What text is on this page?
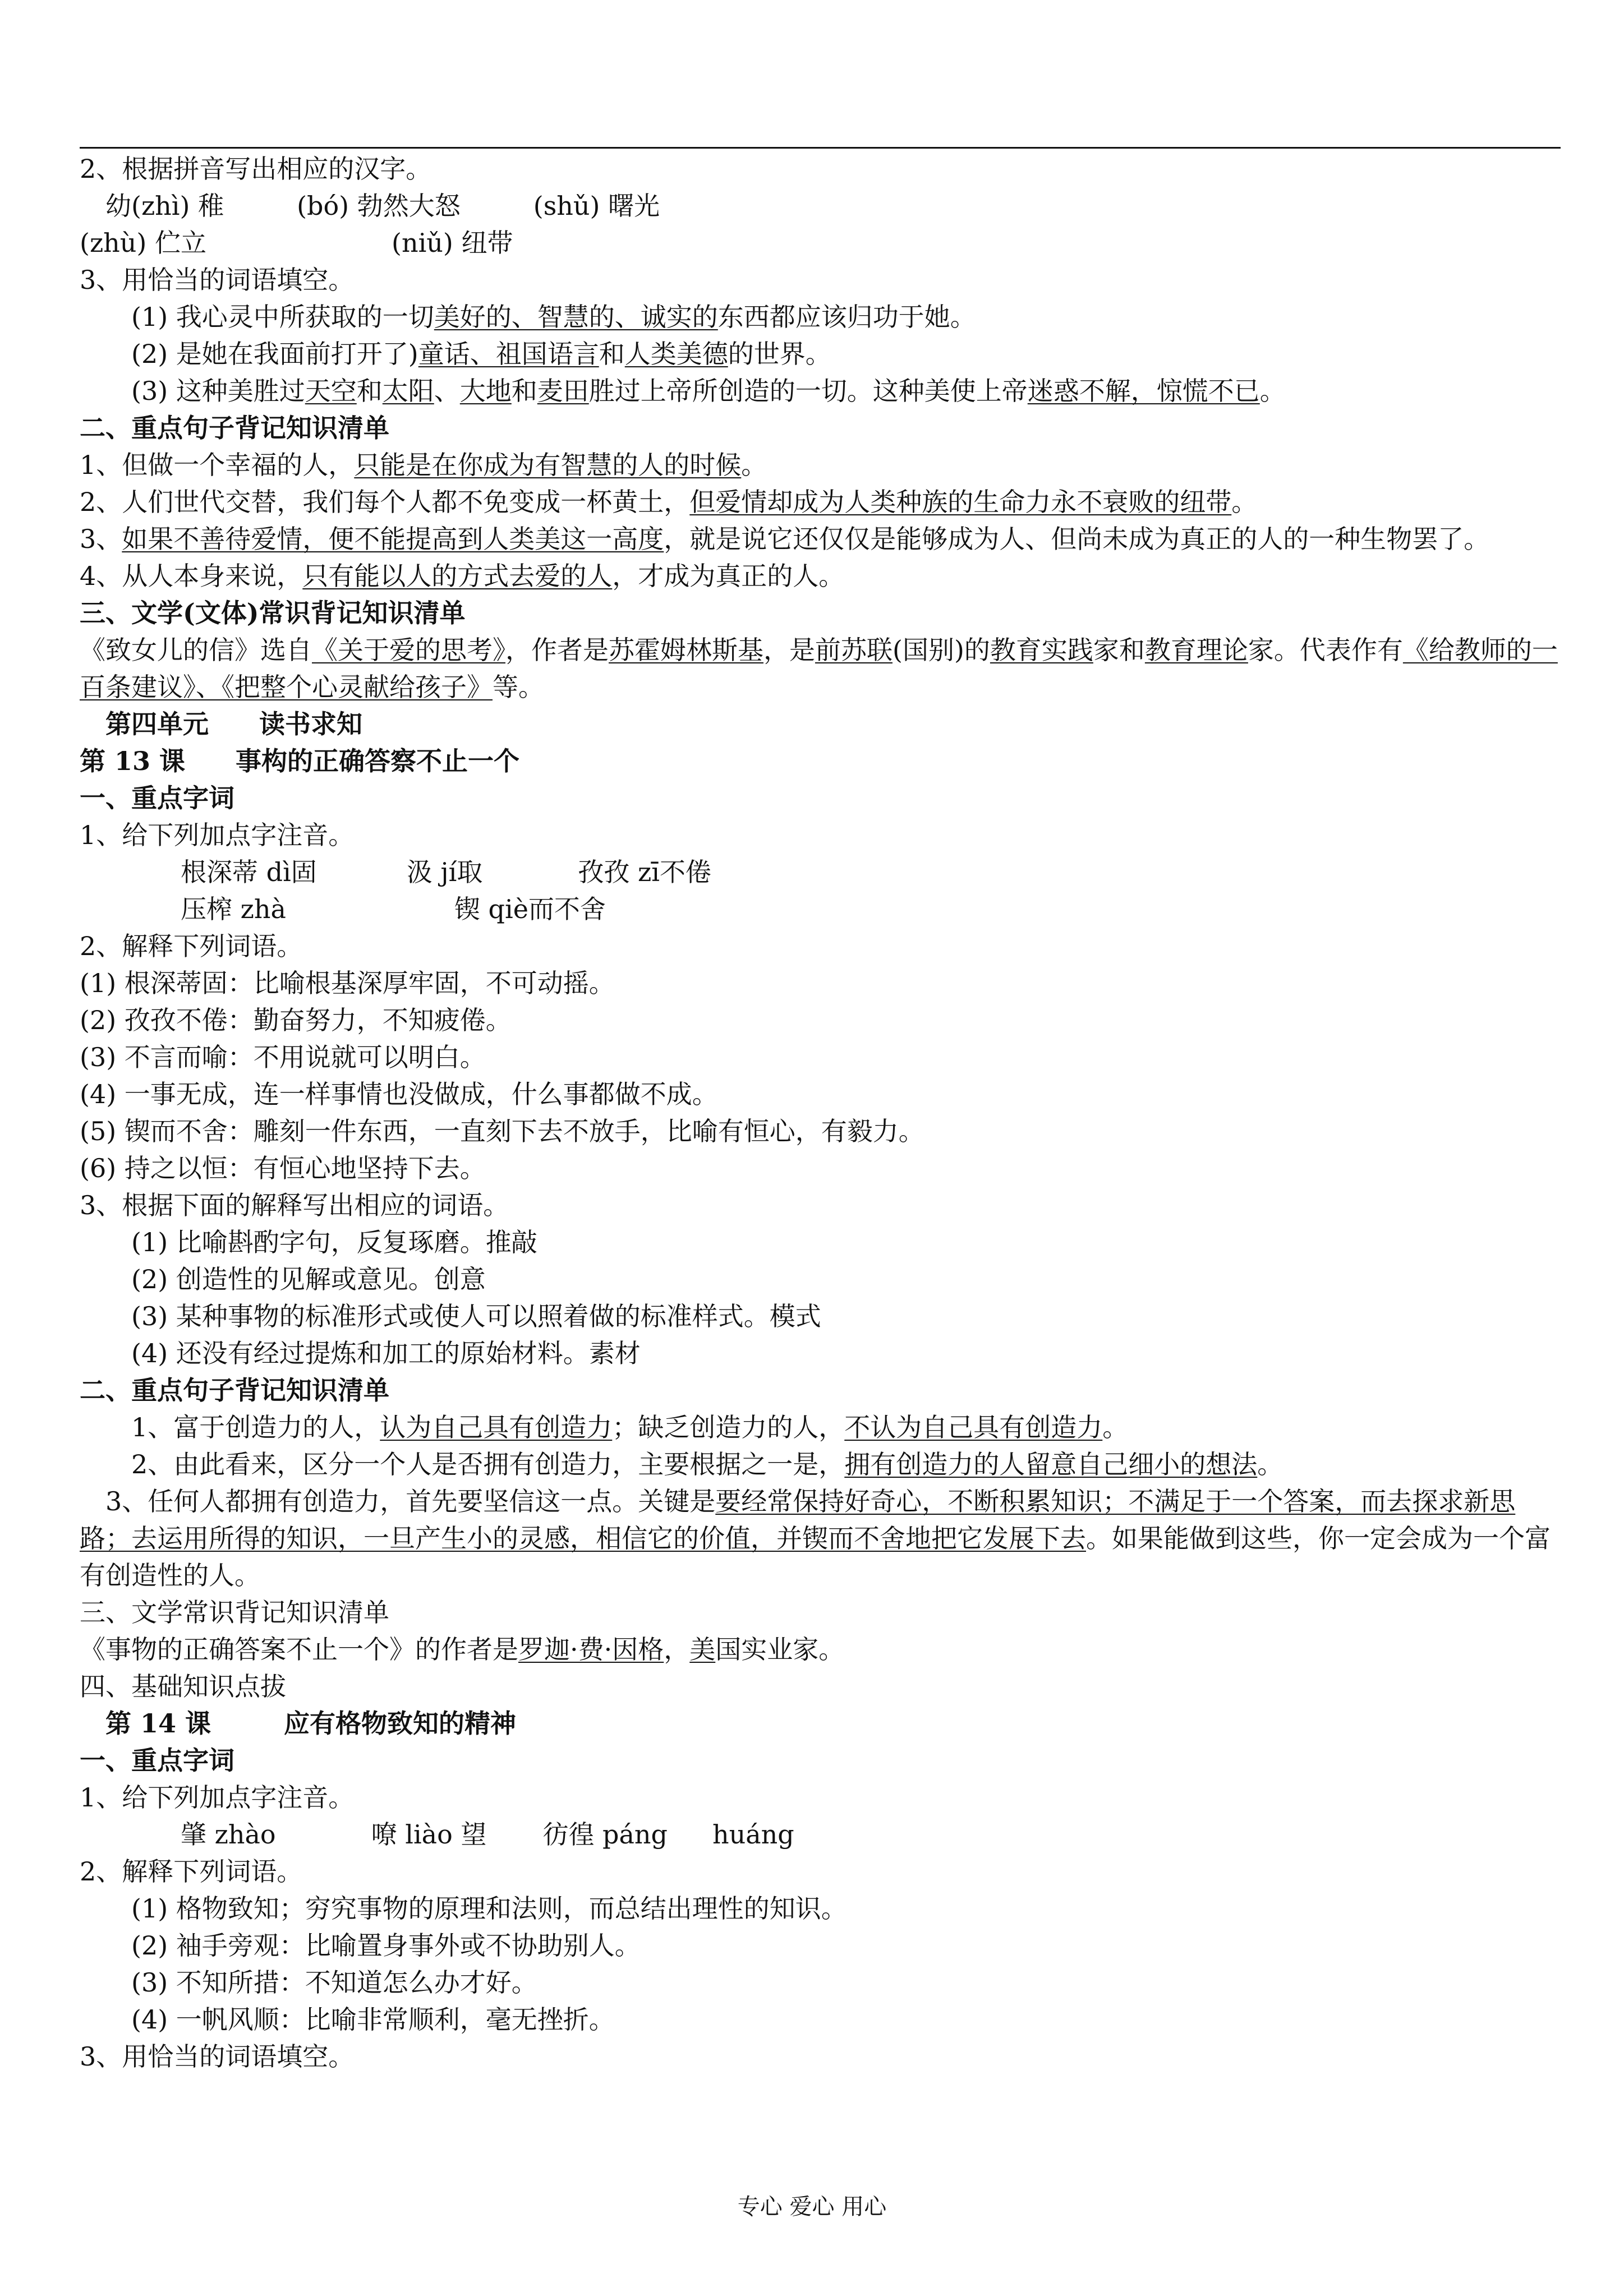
2、根据拼音写出相应的汉字。
幼(zhì) 稚	(bó) 勃然大怒	(shǔ) 曙光
(zhù) 伫立	(niǔ) 纽带
3、用恰当的词语填空。
(1) 我心灵中所获取的一切美好的、智慧的、诚实的东西都应该归功于她。
(2) 是她在我面前打开了)童话、祖国语言和人类美德的世界。
(3) 这种美胜过天空和太阳、大地和麦田胜过上帝所创造的一切。这种美使上帝迷惑不解，惊慌不已。
二、重点句子背记知识清单
1、但做一个幸福的人，只能是在你成为有智慧的人的时候。
2、人们世代交替，我们每个人都不免变成一杯黄土，但爱情却成为人类种族的生命力永不衰败的纽带。
3、如果不善待爱情，便不能提高到人类美这一高度，就是说它还仅仅是能够成为人、但尚未成为真正的人的一种生物罢了。
4、从人本身来说，只有能以人的方式去爱的人，才成为真正的人。
三、文学(文体)常识背记知识清单
《致女儿的信》选自《关于爱的思考》，作者是苏霍姆林斯基，是前苏联(国别)的教育实践家和教育理论家。代表作有《给教师的一百条建议》、《把整个心灵献给孩子》等。
第四单元 读书求知
第 13 课 事构的正确答察不止一个
一、重点字词
1、给下列加点字注音。
根深蒂 dì固	汲 jí取	孜孜 zī不倦
压榨 zhà	锲 qiè而不舍
2、解释下列词语。
(1) 根深蒂固：比喻根基深厚牢固，不可动摇。
(2) 孜孜不倦：勤奋努力，不知疲倦。
(3) 不言而喻：不用说就可以明白。
(4) 一事无成，连一样事情也没做成，什么事都做不成。
(5) 锲而不舍：雕刻一件东西，一直刻下去不放手，比喻有恒心，有毅力。
(6) 持之以恒：有恒心地坚持下去。
3、根据下面的解释写出相应的词语。
(1) 比喻斟酌字句，反复琢磨。推敲
(2) 创造性的见解或意见。创意
(3) 某种事物的标准形式或使人可以照着做的标准样式。模式
(4) 还没有经过提炼和加工的原始材料。素材
二、重点句子背记知识清单
1、富于创造力的人，认为自己具有创造力；缺乏创造力的人，不认为自己具有创造力。
2、由此看来，区分一个人是否拥有创造力，主要根据之一是，拥有创造力的人留意自己细小的想法。
3、任何人都拥有创造力，首先要坚信这一点。关键是要经常保持好奇心，不断积累知识；不满足于一个答案，而去探求新思路；去运用所得的知识，一旦产生小的灵感，相信它的价值，并锲而不舍地把它发展下去。如果能做到这些，你一定会成为一个富有创造性的人。
三、文学常识背记知识清单
《事物的正确答案不止一个》的作者是罗迦·费·因格，美国实业家。
四、基础知识点拔
第 14 课	应有格物致知的精神
一、重点字词
1、给下列加点字注音。
肇 zhào	嘹 liào 望 彷徨 páng huáng
2、解释下列词语。
(1) 格物致知；穷究事物的原理和法则，而总结出理性的知识。
(2) 袖手旁观：比喻置身事外或不协助别人。
(3) 不知所措：不知道怎么办才好。
(4) 一帆风顺：比喻非常顺利，毫无挫折。
3、用恰当的词语填空。
专心 爱心 用心
